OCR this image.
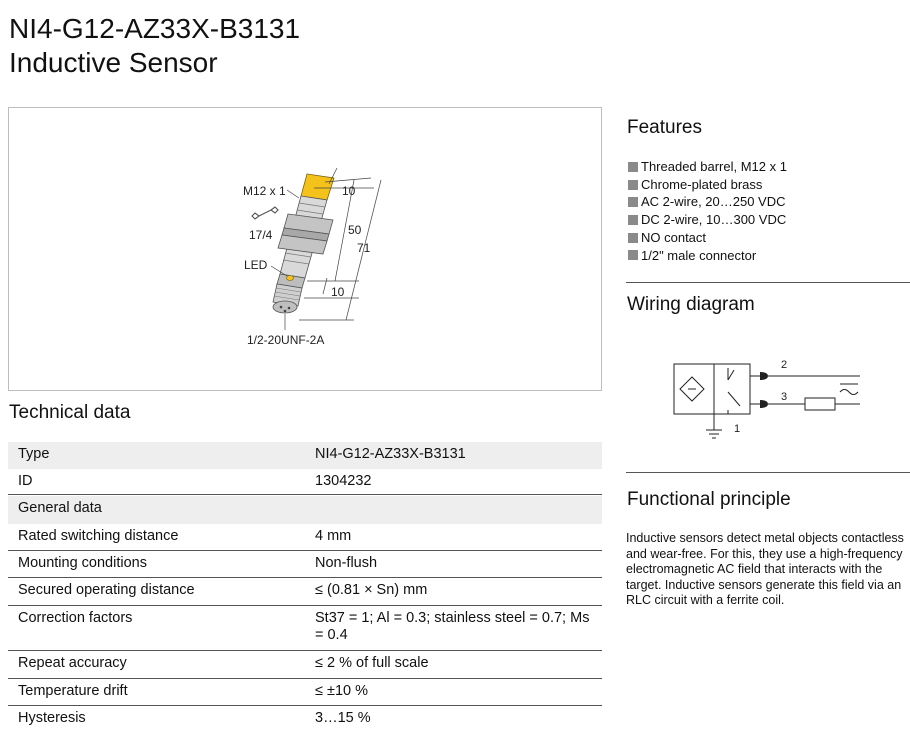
NI4-G12-AZ33X-B3131
Inductive Sensor
M12 x 1
17/4
LED
1/2-20UNF-2A
10
50
71
10
Technical data
Type	NI4-G12-AZ33X-B3131
ID	1304232
General data
Rated switching distance	4 mm
Mounting conditions	Non-flush
Secured operating distance	≤ (0.81 × Sn) mm
Correction factors	St37 = 1; Al = 0.3; stainless steel = 0.7; Ms = 0.4
Repeat accuracy	≤ 2 % of full scale
Temperature drift	≤ ±10 %
Hysteresis	3…15 %
Features
Threaded barrel, M12 x 1
Chrome-plated brass
AC 2-wire, 20…250 VDC
DC 2-wire, 10…300 VDC
NO contact
1/2" male connector
Wiring diagram
2
3
1
Functional principle
Inductive sensors detect metal objects contactless and wear-free. For this, they use a high-frequency electromagnetic AC field that interacts with the target. Inductive sensors generate this field via an RLC circuit with a ferrite coil.
